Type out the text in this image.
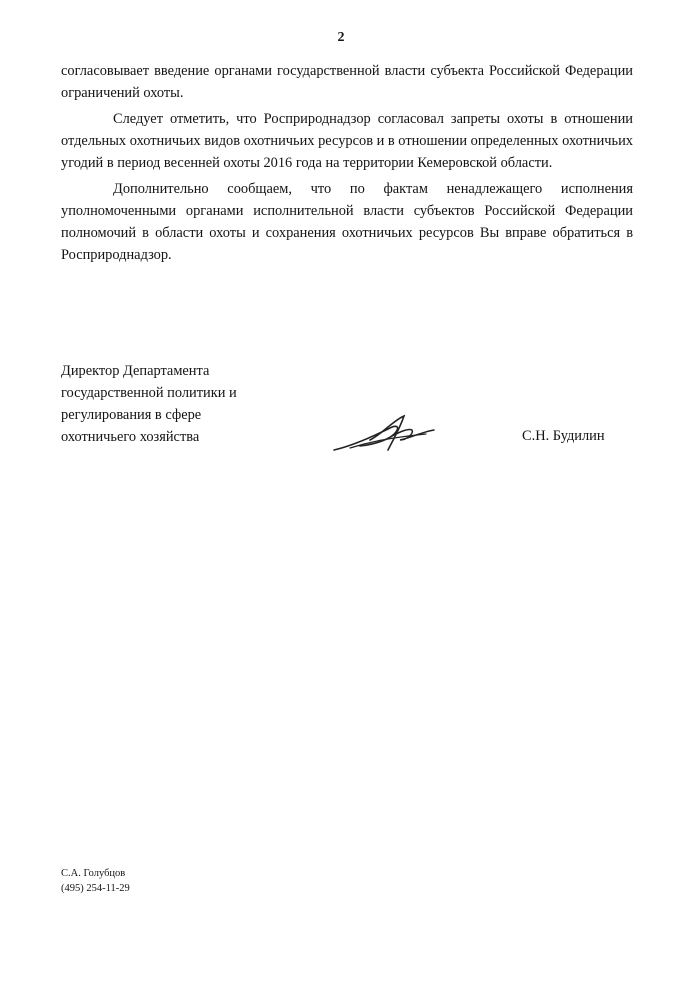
2

согласовывает введение органами государственной власти субъекта Российской Федерации ограничений охоты.

Следует отметить, что Росприроднадзор согласовал запреты охоты в отношении отдельных охотничьих видов охотничьих ресурсов и в отношении определенных охотничьих угодий в период весенней охоты 2016 года на территории Кемеровской области.

Дополнительно сообщаем, что по фактам ненадлежащего исполнения уполномоченными органами исполнительной власти субъектов Российской Федерации полномочий в области охоты и сохранения охотничьих ресурсов Вы вправе обратиться в Росприроднадзор.

Директор Департамента
государственной политики и
регулирования в сфере
охотничьего хозяйства	С.Н. Будилин
С.А. Голубцов
(495) 254-11-29
